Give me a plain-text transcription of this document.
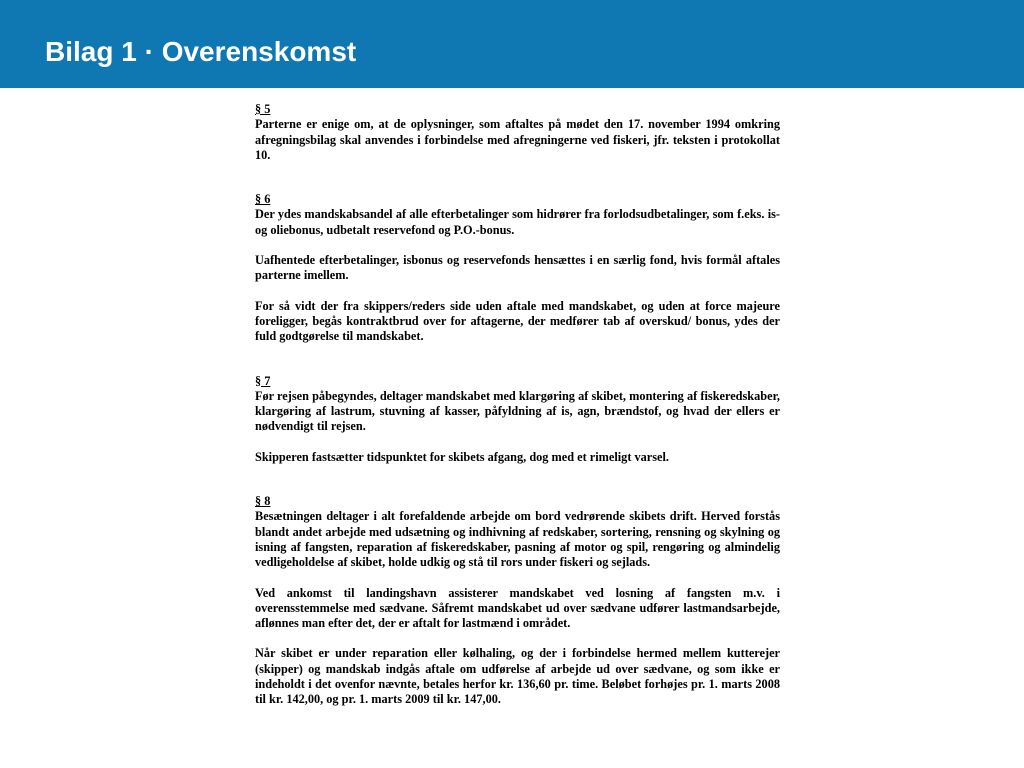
Bilag 1 · Overenskomst
§ 5

Parterne er enige om, at de oplysninger, som aftaltes på mødet den 17. november 1994 omkring afregningsbilag skal anvendes i forbindelse med afregningerne ved fiskeri, jfr. teksten i protokollat 10.

§ 6

Der ydes mandskabsandel af alle efterbetalinger som hidrører fra forlodsudbetalinger, som f.eks. is- og oliebonus, udbetalt reservefond og P.O.-bonus.

Uafhentede efterbetalinger, isbonus og reservefonds hensættes i en særlig fond, hvis formål aftales parterne imellem.

For så vidt der fra skippers/reders side uden aftale med mandskabet, og uden at force majeure foreligger, begås kontraktbrud over for aftagerne, der medfører tab af overskud/ bonus, ydes der fuld godtgørelse til mandskabet.

§ 7

Før rejsen påbegyndes, deltager mandskabet med klargøring af skibet, montering af fiskeredskaber, klargøring af lastrum, stuvning af kasser, påfyldning af is, agn, brændstof, og hvad der ellers er nødvendigt til rejsen.

Skipperen fastsætter tidspunktet for skibets afgang, dog med et rimeligt varsel.

§ 8

Besætningen deltager i alt forefaldende arbejde om bord vedrørende skibets drift. Herved forstås blandt andet arbejde med udsætning og indhivning af redskaber, sortering, rensning og skylning og isning af fangsten, reparation af fiskeredskaber, pasning af motor og spil, rengøring og almindelig vedligeholdelse af skibet, holde udkig og stå til rors under fiskeri og sejlads.

Ved ankomst til landingshavn assisterer mandskabet ved losning af fangsten m.v. i overensstemmelse med sædvane. Såfremt mandskabet ud over sædvane udfører lastmandsarbejde, aflønnes man efter det, der er aftalt for lastmænd i området.

Når skibet er under reparation eller kølhaling, og der i forbindelse hermed mellem kutterejer (skipper) og mandskab indgås aftale om udførelse af arbejde ud over sædvane, og som ikke er indeholdt i det ovenfor nævnte, betales herfor kr. 136,60 pr. time. Beløbet forhøjes pr. 1. marts 2008 til kr. 142,00, og pr. 1. marts 2009 til kr. 147,00.
